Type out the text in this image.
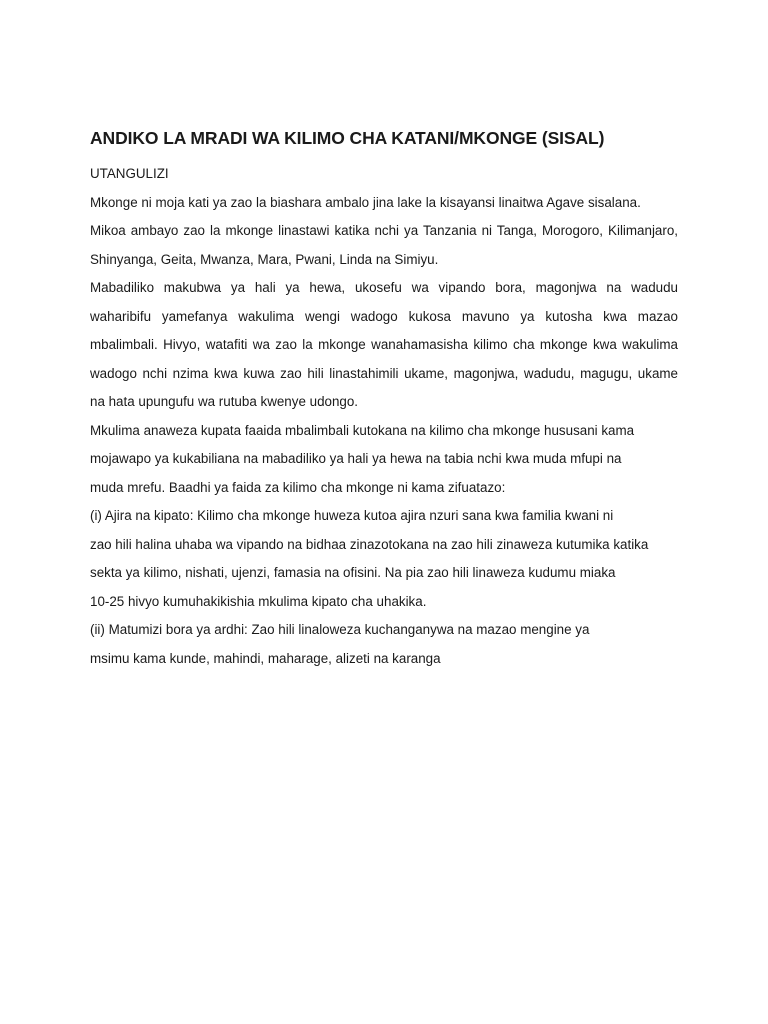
ANDIKO LA MRADI WA KILIMO CHA KATANI/MKONGE (SISAL)
UTANGULIZI
Mkonge ni moja kati ya zao la biashara ambalo jina lake la kisayansi linaitwa Agave sisalana.
Mikoa ambayo zao la mkonge linastawi katika nchi ya Tanzania ni Tanga, Morogoro, Kilimanjaro,
Shinyanga, Geita, Mwanza, Mara, Pwani, Linda na Simiyu.
Mabadiliko makubwa ya hali ya hewa, ukosefu wa vipando bora, magonjwa na wadudu
waharibifu yamefanya wakulima wengi wadogo kukosa mavuno ya kutosha kwa mazao
mbalimbali. Hivyo, watafiti wa zao la mkonge wanahamasisha kilimo cha mkonge kwa wakulima
wadogo nchi nzima kwa kuwa zao hili linastahimili ukame, magonjwa, wadudu, magugu, ukame
na hata upungufu wa rutuba kwenye udongo.
Mkulima anaweza kupata faaida mbalimbali kutokana na kilimo cha mkonge hususani kama
mojawapo ya kukabiliana na mabadiliko ya hali ya hewa na tabia nchi kwa muda mfupi na
muda mrefu. Baadhi ya faida za kilimo cha mkonge ni kama zifuatazo:
(i) Ajira na kipato: Kilimo cha mkonge huweza kutoa ajira nzuri sana kwa familia kwani ni
zao hili halina uhaba wa vipando na bidhaa zinazotokana na zao hili zinaweza kutumika katika
sekta ya kilimo, nishati, ujenzi, famasia na ofisini. Na pia zao hili linaweza kudumu miaka
10-25 hivyo kumuhakikishia mkulima kipato cha uhakika.
(ii) Matumizi bora ya ardhi: Zao hili linaloweza kuchanganywa na mazao mengine ya
msimu kama kunde, mahindi, maharage, alizeti na karanga
